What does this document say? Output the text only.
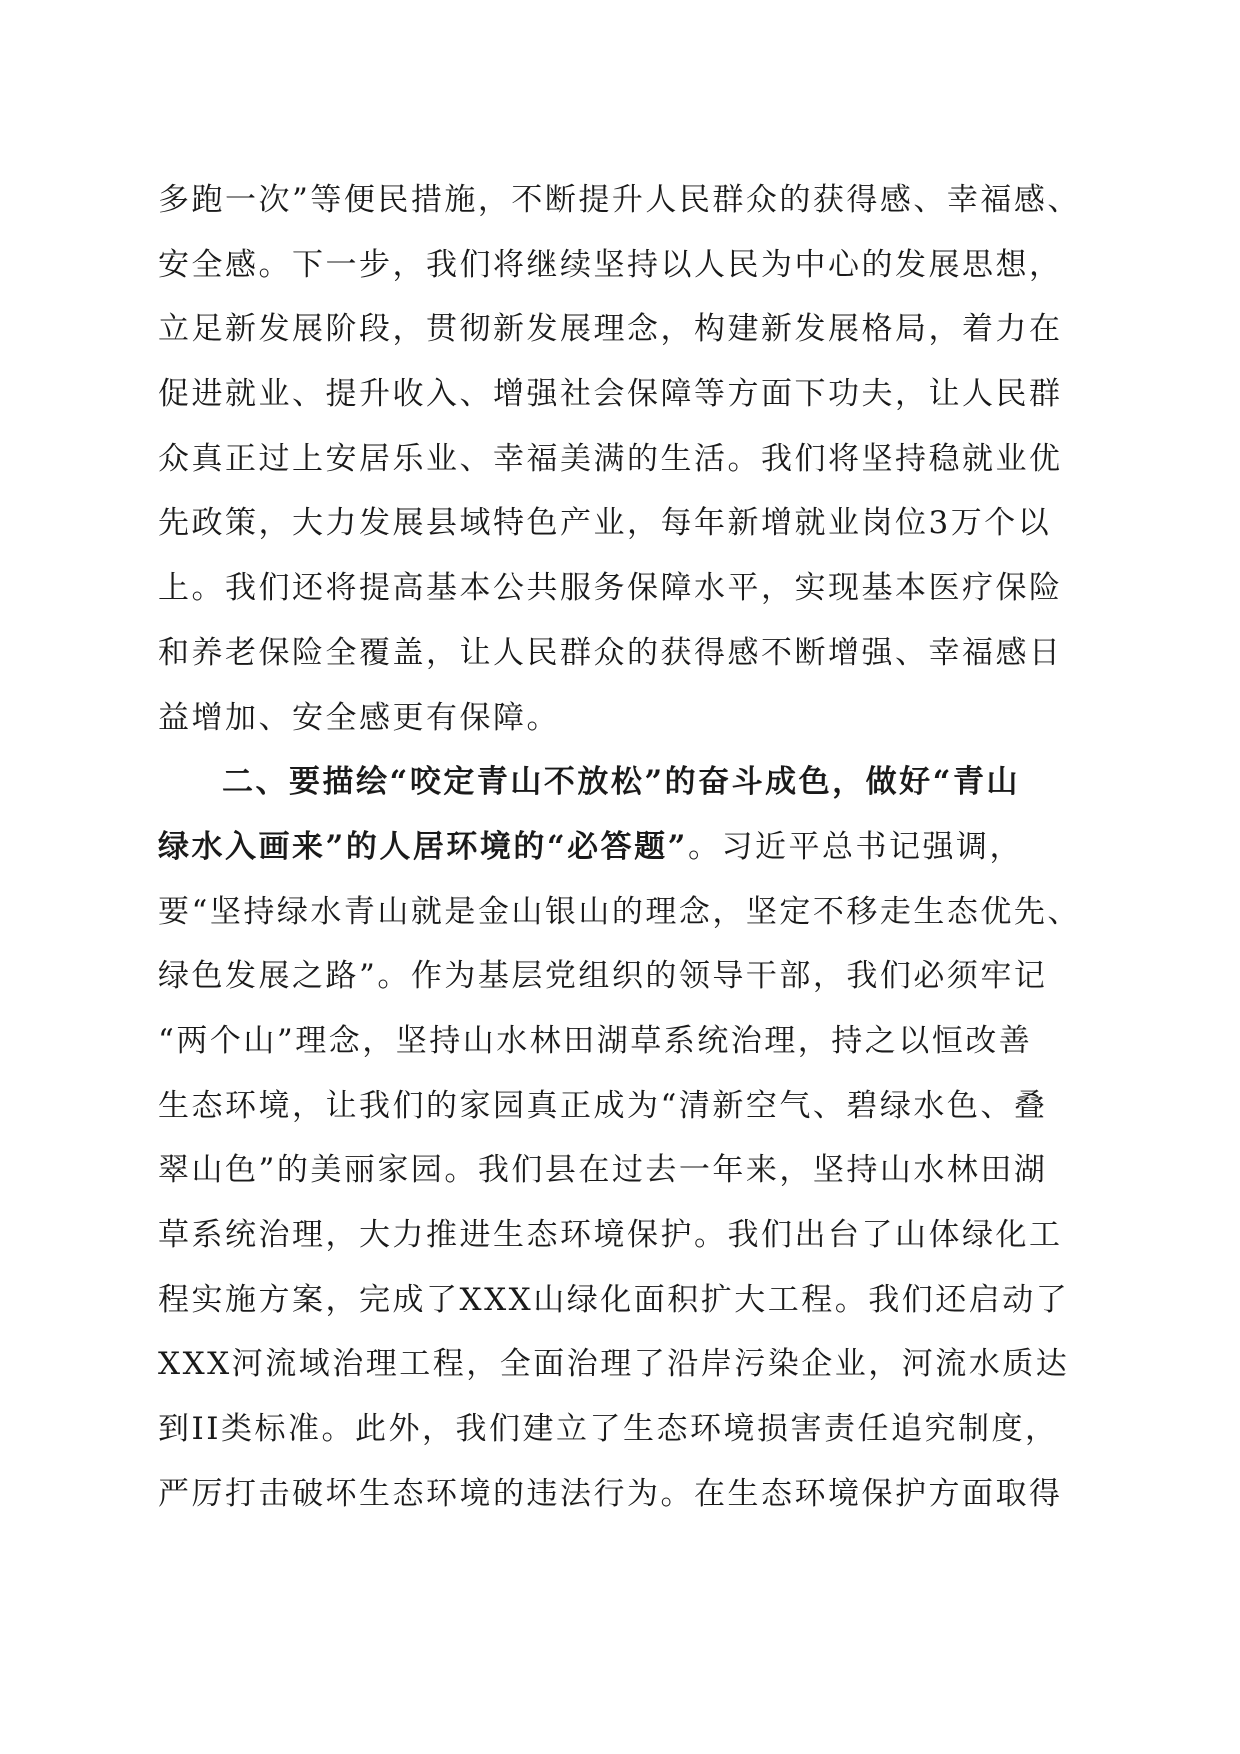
多跑一次”等便民措施，不断提升人民群众的获得感、幸福感、
安全感。下一步，我们将继续坚持以人民为中心的发展思想，
立足新发展阶段，贯彻新发展理念，构建新发展格局，着力在
促进就业、提升收入、增强社会保障等方面下功夫，让人民群
众真正过上安居乐业、幸福美满的生活。我们将坚持稳就业优
先政策，大力发展县域特色产业，每年新增就业岗位3万个以
上。我们还将提高基本公共服务保障水平，实现基本医疗保险
和养老保险全覆盖，让人民群众的获得感不断增强、幸福感日
益增加、安全感更有保障。
二、要描绘“咬定青山不放松”的奋斗成色，做好“青山
绿水入画来”的人居环境的“必答题”。习近平总书记强调，
要“坚持绿水青山就是金山银山的理念，坚定不移走生态优先、
绿色发展之路”。作为基层党组织的领导干部，我们必须牢记
“两个山”理念，坚持山水林田湖草系统治理，持之以恒改善
生态环境，让我们的家园真正成为“清新空气、碧绿水色、叠
翠山色”的美丽家园。我们县在过去一年来，坚持山水林田湖
草系统治理，大力推进生态环境保护。我们出台了山体绿化工
程实施方案，完成了XXX山绿化面积扩大工程。我们还启动了
XXX河流域治理工程，全面治理了沿岸污染企业，河流水质达
到II类标准。此外，我们建立了生态环境损害责任追究制度，
严厉打击破坏生态环境的违法行为。在生态环境保护方面取得
